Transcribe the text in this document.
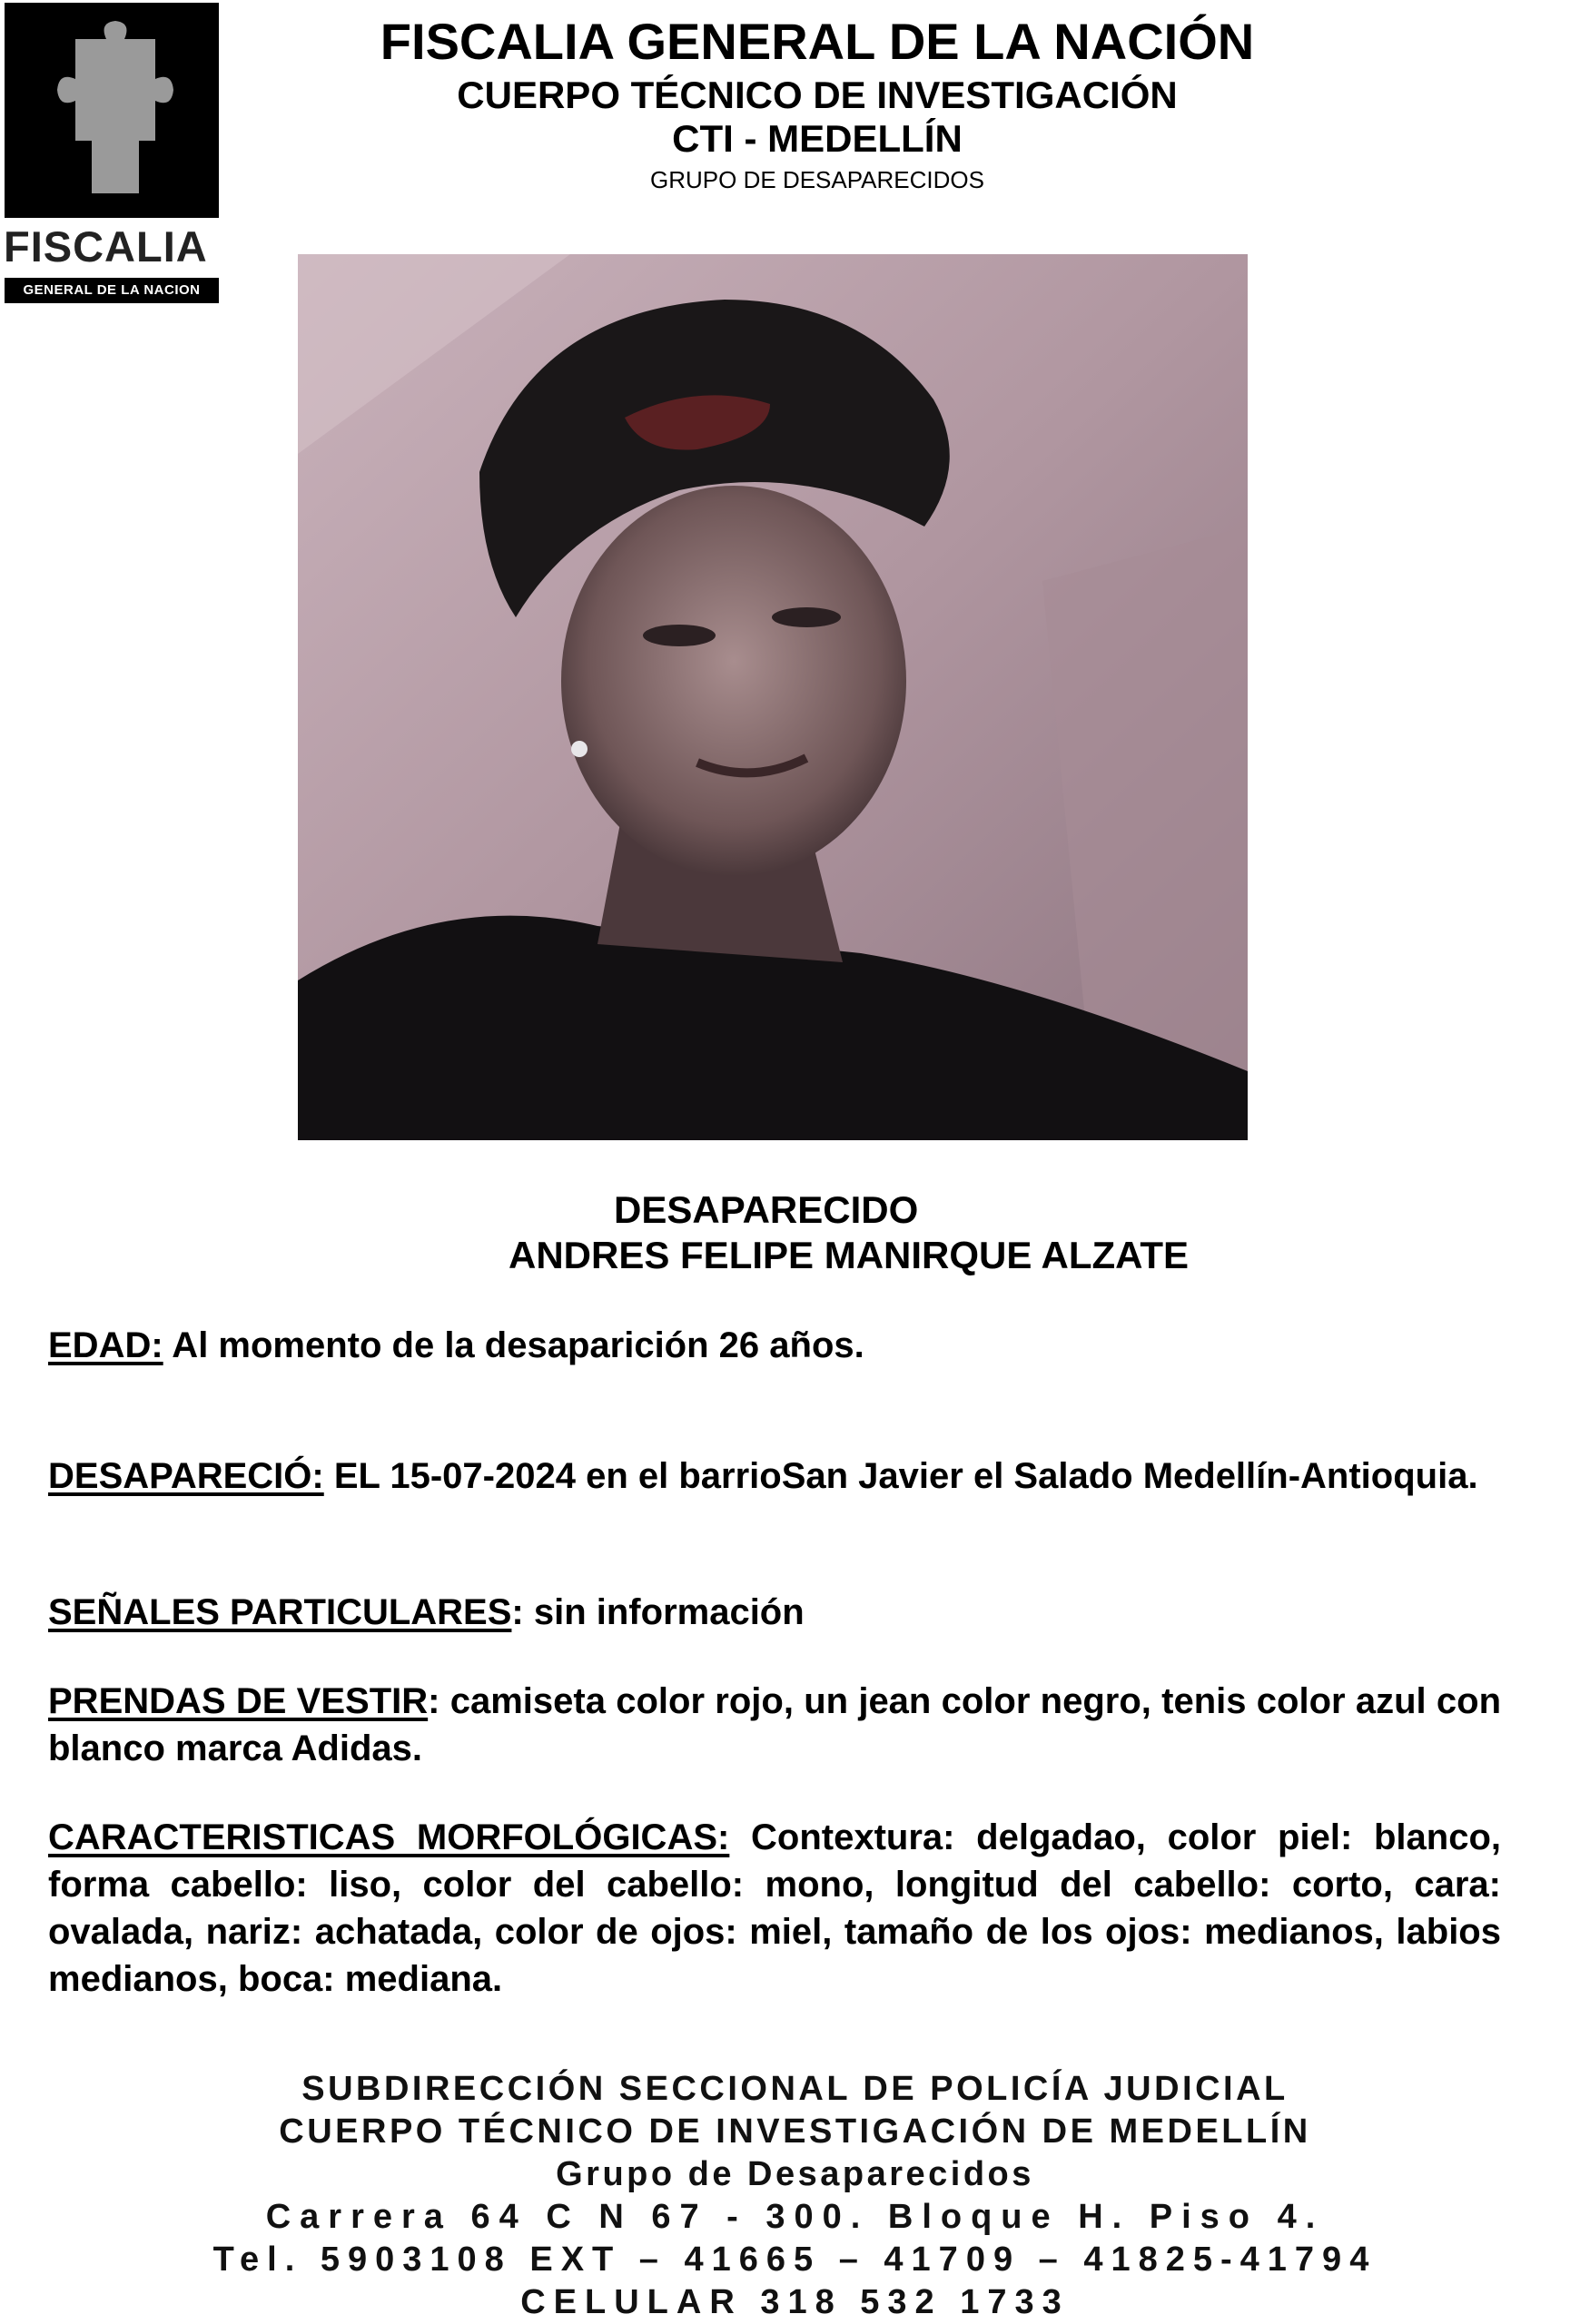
FISCALIA
GENERAL DE LA NACION
FISCALIA GENERAL DE LA NACIÓN
CUERPO TÉCNICO DE INVESTIGACIÓN
CTI - MEDELLÍN
GRUPO DE DESAPARECIDOS
DESAPARECIDO
ANDRES FELIPE MANIRQUE ALZATE
EDAD: Al momento de la desaparición 26 años.
DESAPARECIÓ: EL 15-07-2024 en el barrioSan Javier el Salado Medellín-Antioquia.
SEÑALES PARTICULARES: sin información
PRENDAS DE VESTIR: camiseta color rojo, un jean color negro, tenis color azul con blanco marca Adidas.
CARACTERISTICAS MORFOLÓGICAS: Contextura: delgadao, color piel: blanco, forma cabello: liso, color del cabello: mono, longitud del cabello: corto, cara: ovalada, nariz: achatada, color de ojos: miel, tamaño de los ojos: medianos, labios medianos, boca: mediana.
SUBDIRECCIÓN SECCIONAL DE POLICÍA JUDICIAL
CUERPO TÉCNICO DE INVESTIGACIÓN DE MEDELLÍN
Grupo de Desaparecidos
Carrera 64 C N 67 - 300. Bloque H. Piso 4.
Tel. 5903108 EXT – 41665 – 41709 – 41825-41794
CELULAR 318 532 1733
